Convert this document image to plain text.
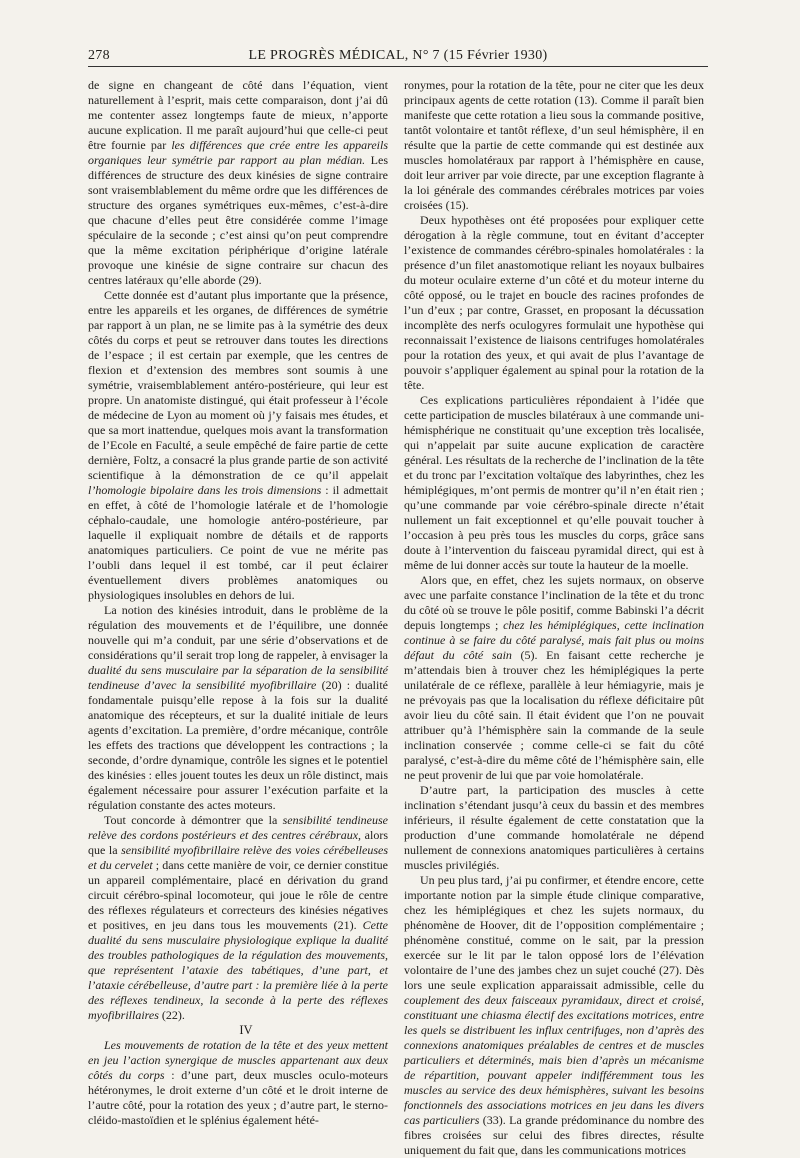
278	LE PROGRÈS MÉDICAL, N° 7 (15 Février 1930)

de signe en changeant de côté dans l’équation, vient naturellement à l’esprit, mais cette comparaison, dont j’ai dû me contenter assez longtemps faute de mieux, n’apporte aucune explication. Il me paraît aujourd’hui que celle-ci peut être fournie par les différences que crée entre les appareils organiques leur symétrie par rapport au plan médian. Les différences de structure des deux kinésies de signe contraire sont vraisemblablement du même ordre que les différences de structure des organes symétriques eux-mêmes, c’est-à-dire que chacune d’elles peut être considérée comme l’image spéculaire de la seconde ; c’est ainsi qu’on peut comprendre que la même excitation périphérique d’origine latérale provoque une kinésie de signe contraire sur chacun des centres latéraux qu’elle aborde (29).

Cette donnée est d’autant plus importante que la présence, entre les appareils et les organes, de différences de symétrie par rapport à un plan, ne se limite pas à la symétrie des deux côtés du corps et peut se retrouver dans toutes les directions de l’espace ; il est certain par exemple, que les centres de flexion et d’extension des membres sont soumis à une symétrie, vraisemblablement antéro-postérieure, qui leur est propre. Un anatomiste distingué, qui était professeur à l’école de médecine de Lyon au moment où j’y faisais mes études, et que sa mort inattendue, quelques mois avant la transformation de l’Ecole en Faculté, a seule empêché de faire partie de cette dernière, Foltz, a consacré la plus grande partie de son activité scientifique à la démonstration de ce qu’il appelait l’homologie bipolaire dans les trois dimensions : il admettait en effet, à côté de l’homologie latérale et de l’homologie céphalo-caudale, une homologie antéro-postérieure, par laquelle il expliquait nombre de détails et de rapports anatomiques particuliers. Ce point de vue ne mérite pas l’oubli dans lequel il est tombé, car il peut éclairer éventuellement divers problèmes anatomiques ou physiologiques insolubles en dehors de lui.

La notion des kinésies introduit, dans le problème de la régulation des mouvements et de l’équilibre, une donnée nouvelle qui m’a conduit, par une série d’observations et de considérations qu’il serait trop long de rappeler, à envisager la dualité du sens musculaire par la séparation de la sensibilité tendineuse d’avec la sensibilité myofibrillaire (20) : dualité fondamentale puisqu’elle repose à la fois sur la dualité anatomique des récepteurs, et sur la dualité initiale de leurs agents d’excitation. La première, d’ordre mécanique, contrôle les effets des tractions que développent les contractions ; la seconde, d’ordre dynamique, contrôle les signes et le potentiel des kinésies : elles jouent toutes les deux un rôle distinct, mais également nécessaire pour assurer l’exécution parfaite et la régulation constante des actes moteurs.

Tout concorde à démontrer que la sensibilité tendineuse relève des cordons postérieurs et des centres cérébraux, alors que la sensibilité myofibrillaire relève des voies cérébelleuses et du cervelet ; dans cette manière de voir, ce dernier constitue un appareil complémentaire, placé en dérivation du grand circuit cérébro-spinal locomoteur, qui joue le rôle de centre des réflexes régulateurs et correcteurs des kinésies négatives et positives, en jeu dans tous les mouvements (21). Cette dualité du sens musculaire physiologique explique la dualité des troubles pathologiques de la régulation des mouvements, que représentent l’ataxie des tabétiques, d’une part, et l’ataxie cérébelleuse, d’autre part : la première liée à la perte des réflexes tendineux, la seconde à la perte des réflexes myofibrillaires (22).

IV

Les mouvements de rotation de la tête et des yeux mettent en jeu l’action synergique de muscles appartenant aux deux côtés du corps : d’une part, deux muscles oculo-moteurs hétéronymes, le droit externe d’un côté et le droit interne de l’autre côté, pour la rotation des yeux ; d’autre part, le sterno-cléido-mastoïdien et le splénius également hété-

ronymes, pour la rotation de la tête, pour ne citer que les deux principaux agents de cette rotation (13). Comme il paraît bien manifeste que cette rotation a lieu sous la commande positive, tantôt volontaire et tantôt réflexe, d’un seul hémisphère, il en résulte que la partie de cette commande qui est destinée aux muscles homolatéraux par rapport à l’hémisphère en cause, doit leur arriver par voie directe, par une exception flagrante à la loi générale des commandes cérébrales motrices par voies croisées (15).

Deux hypothèses ont été proposées pour expliquer cette dérogation à la règle commune, tout en évitant d’accepter l’existence de commandes cérébro-spinales homolatérales : la présence d’un filet anastomotique reliant les noyaux bulbaires du moteur oculaire externe d’un côté et du moteur interne du côté opposé, ou le trajet en boucle des racines profondes de l’un d’eux ; par contre, Grasset, en proposant la décussation incomplète des nerfs oculogyres formulait une hypothèse qui reconnaissait l’existence de liaisons centrifuges homolatérales pour la rotation des yeux, et qui avait de plus l’avantage de pouvoir s’appliquer également au spinal pour la rotation de la tête.

Ces explications particulières répondaient à l’idée que cette participation de muscles bilatéraux à une commande uni-hémisphérique ne constituait qu’une exception très localisée, qui n’appelait par suite aucune explication de caractère général. Les résultats de la recherche de l’inclination de la tête et du tronc par l’excitation voltaïque des labyrinthes, chez les hémiplégiques, m’ont permis de montrer qu’il n’en était rien ; qu’une commande par voie cérébro-spinale directe n’était nullement un fait exceptionnel et qu’elle pouvait toucher à l’occasion à peu près tous les muscles du corps, grâce sans doute à l’intervention du faisceau pyramidal direct, qui est à même de lui donner accès sur toute la hauteur de la moelle.

Alors que, en effet, chez les sujets normaux, on observe avec une parfaite constance l’inclination de la tête et du tronc du côté où se trouve le pôle positif, comme Babinski l’a décrit depuis longtemps ; chez les hémiplégiques, cette inclination continue à se faire du côté paralysé, mais fait plus ou moins défaut du côté sain (5). En faisant cette recherche je m’attendais bien à trouver chez les hémiplégiques la perte unilatérale de ce réflexe, parallèle à leur hémiagyrie, mais je ne prévoyais pas que la localisation du réflexe déficitaire pût avoir lieu du côté sain. Il était évident que l’on ne pouvait attribuer qu’à l’hémisphère sain la commande de la seule inclination conservée ; comme celle-ci se fait du côté paralysé, c’est-à-dire du même côté de l’hémisphère sain, elle ne peut provenir de lui que par voie homolatérale.

D’autre part, la participation des muscles à cette inclination s’étendant jusqu’à ceux du bassin et des membres inférieurs, il résulte également de cette constatation que la production d’une commande homolatérale ne dépend nullement de connexions anatomiques particulières à certains muscles privilégiés.

Un peu plus tard, j’ai pu confirmer, et étendre encore, cette importante notion par la simple étude clinique comparative, chez les hémiplégiques et chez les sujets normaux, du phénomène de Hoover, dit de l’opposition complémentaire ; phénomène constitué, comme on le sait, par la pression exercée sur le lit par le talon opposé lors de l’élévation volontaire de l’une des jambes chez un sujet couché (27). Dès lors une seule explication apparaissait admissible, celle du couplement des deux faisceaux pyramidaux, direct et croisé, constituant une chiasma électif des excitations motrices, entre les quels se distribuent les influx centrifuges, non d’après des connexions anatomiques préalables de centres et de muscles particuliers et déterminés, mais bien d’après un mécanisme de répartition, pouvant appeler indifféremment tous les muscles au service des deux hémisphères, suivant les besoins fonctionnels des associations motrices en jeu dans les divers cas particuliers (33). La grande prédominance du nombre des fibres croisées sur celui des fibres directes, résulte uniquement du fait que, dans les communications motrices
